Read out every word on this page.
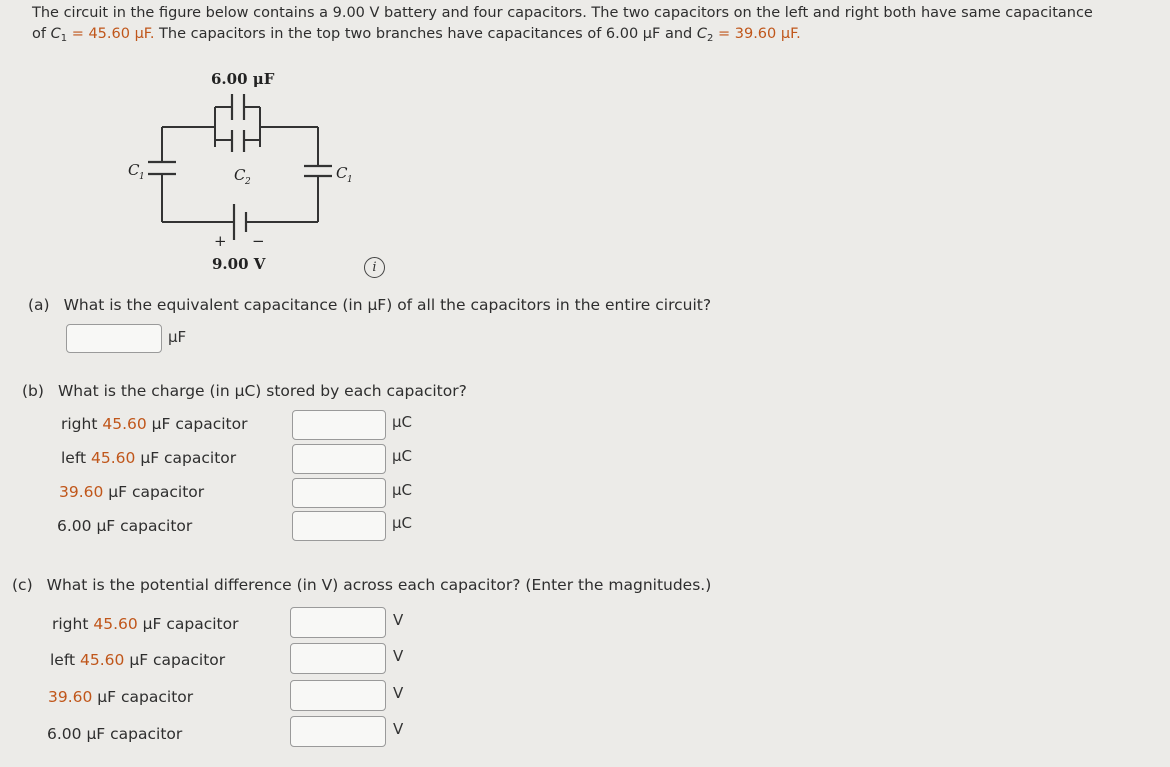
The circuit in the figure below contains a 9.00 V battery and four capacitors. The two capacitors on the left and right both have same capacitance
of $C_1 = 45.60$ μF. The capacitors in the top two branches have capacitances of 6.00 μF and $C_2 = 39.60$ μF.
6.00 μF
C 2
C 1	C 1
+ −
9.00 V	i
(a) What is the equivalent capacitance (in μF) of all the capacitors in the entire circuit?
μF
(b) What is the charge (in μC) stored by each capacitor?
right 45.60 μF capacitor	μC
left 45.60 μF capacitor	μC
39.60 μF capacitor	μC
6.00 μF capacitor	μC
(c) What is the potential difference (in V) across each capacitor? (Enter the magnitudes.)
right 45.60 μF capacitor	V
left 45.60 μF capacitor	V
39.60 μF capacitor	V
6.00 μF capacitor	V
